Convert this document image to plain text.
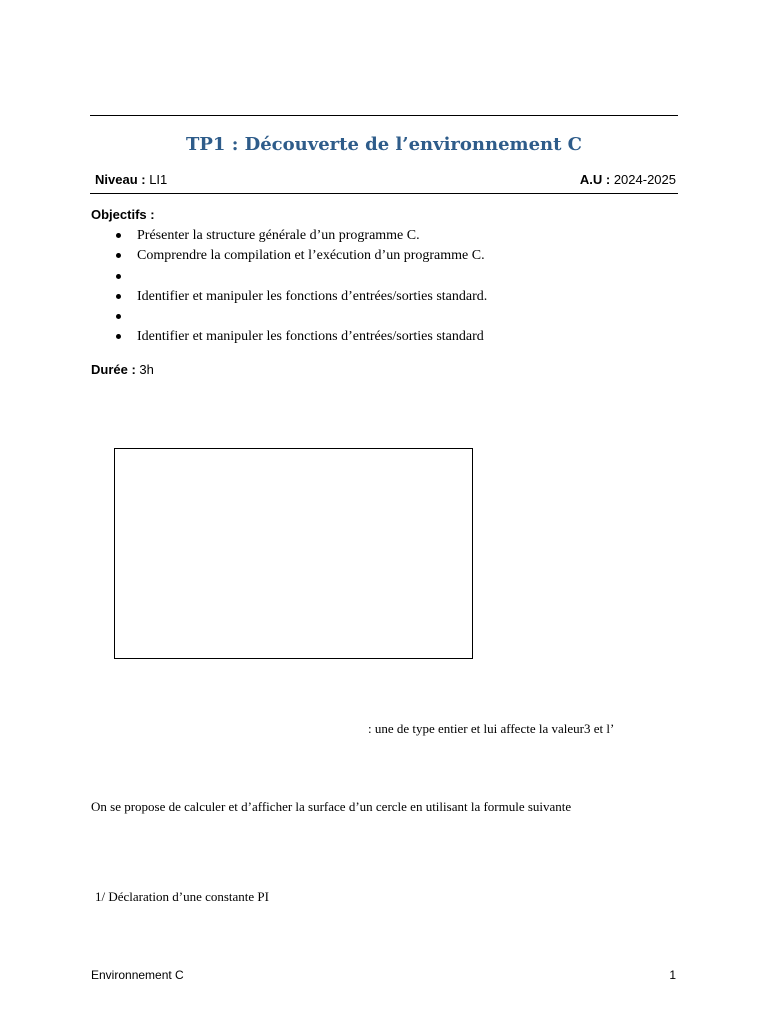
TP1 : Découverte de l’environnement C
Niveau : LI1	A.U : 2024-2025
Objectifs :
Présenter la structure générale d’un programme C.
Comprendre la compilation et l’exécution d’un programme C.
Identifier et manipuler les fonctions d’entrées/sorties standard.
Identifier et manipuler les fonctions d’entrées/sorties standard
Durée : 3h
: une de type entier et lui affecte la valeur3 et l’
On se propose de calculer et d’afficher la surface d’un cercle en utilisant la formule suivante
1/ Déclaration d’une constante PI
Environnement C	1
